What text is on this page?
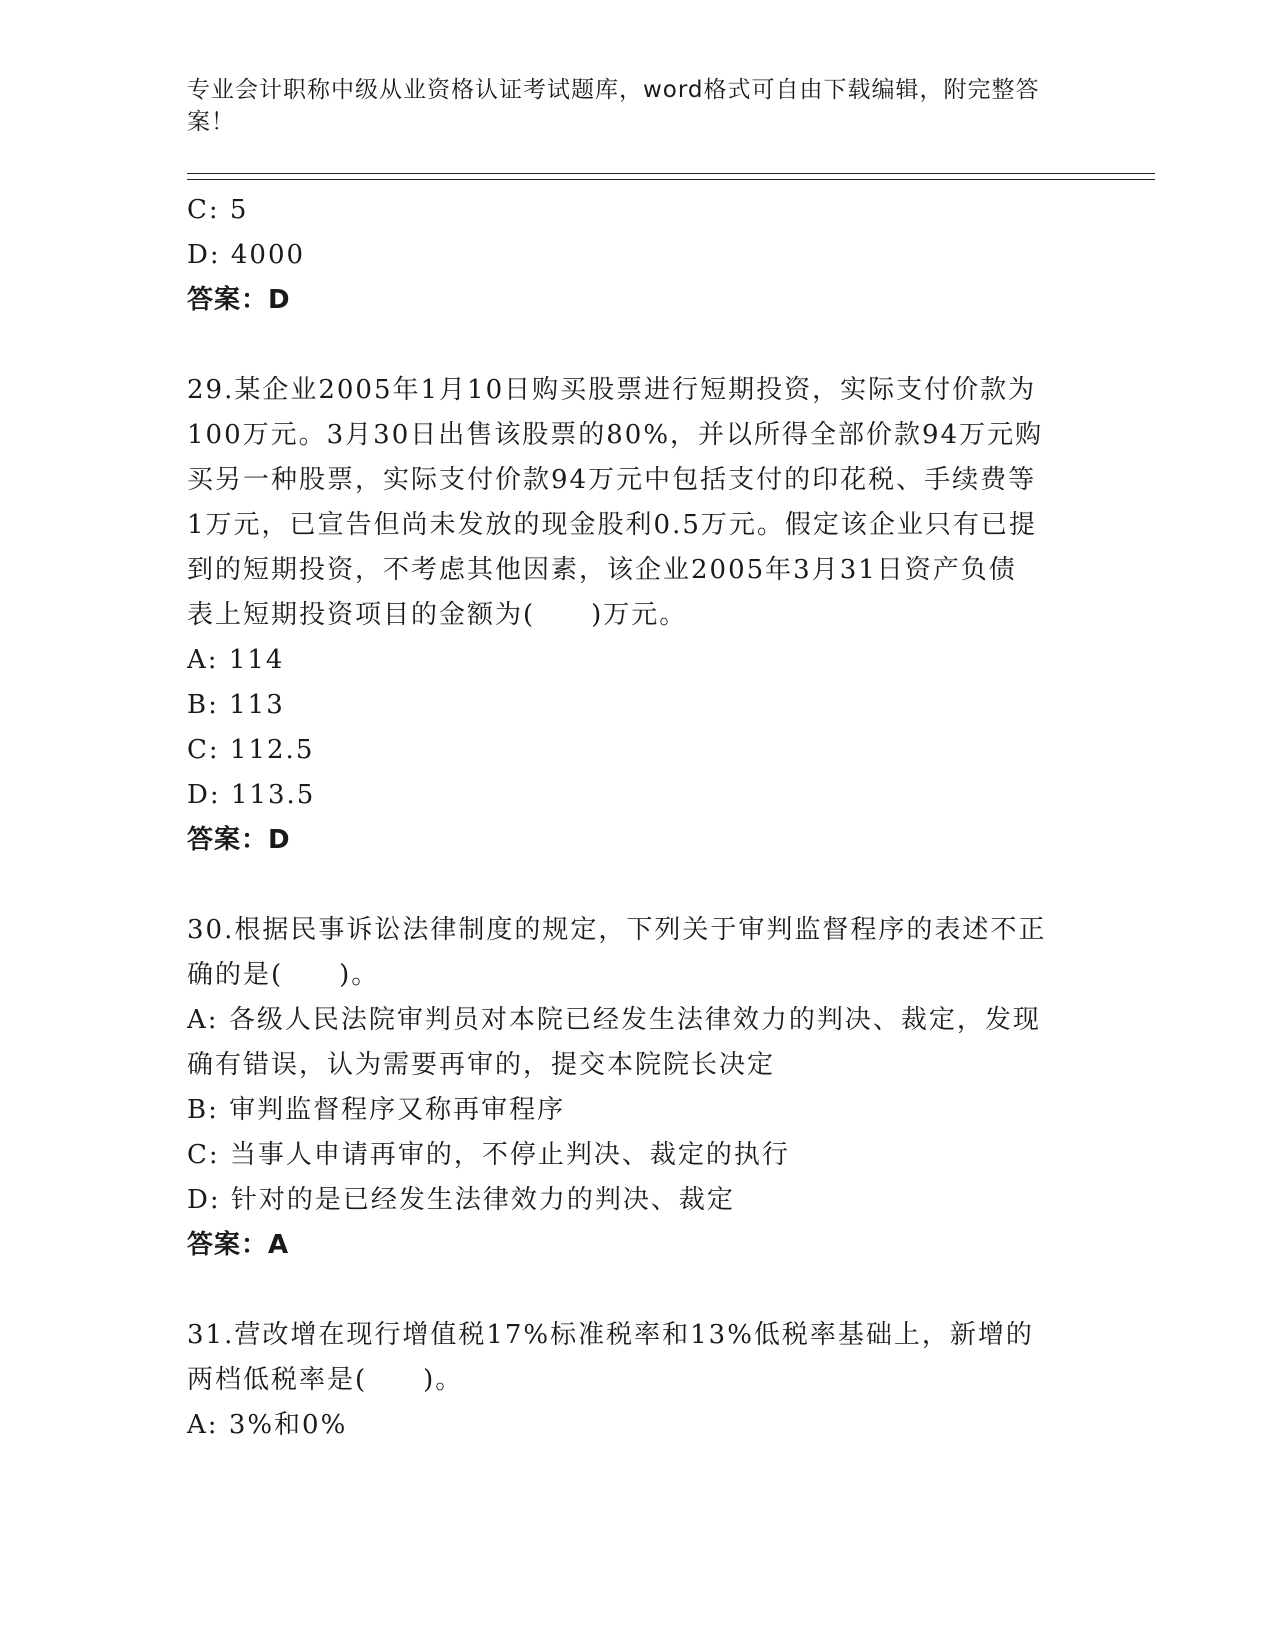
专业会计职称中级从业资格认证考试题库，word格式可自由下载编辑，附完整答案！
C: 5
D: 4000
答案：D
29.某企业2005年1月10日购买股票进行短期投资，实际支付价款为
100万元。3月30日出售该股票的80%，并以所得全部价款94万元购
买另一种股票，实际支付价款94万元中包括支付的印花税、手续费等
1万元，已宣告但尚未发放的现金股利0.5万元。假定该企业只有已提
到的短期投资，不考虑其他因素，该企业2005年3月31日资产负债
表上短期投资项目的金额为(　　)万元。
A: 114
B: 113
C: 112.5
D: 113.5
答案：D
30.根据民事诉讼法律制度的规定，下列关于审判监督程序的表述不正
确的是(　　)。
A: 各级人民法院审判员对本院已经发生法律效力的判决、裁定，发现
确有错误，认为需要再审的，提交本院院长决定
B: 审判监督程序又称再审程序
C: 当事人申请再审的，不停止判决、裁定的执行
D: 针对的是已经发生法律效力的判决、裁定
答案：A
31.营改增在现行增值税17%标准税率和13%低税率基础上，新增的
两档低税率是(　　)。
A: 3%和0%
